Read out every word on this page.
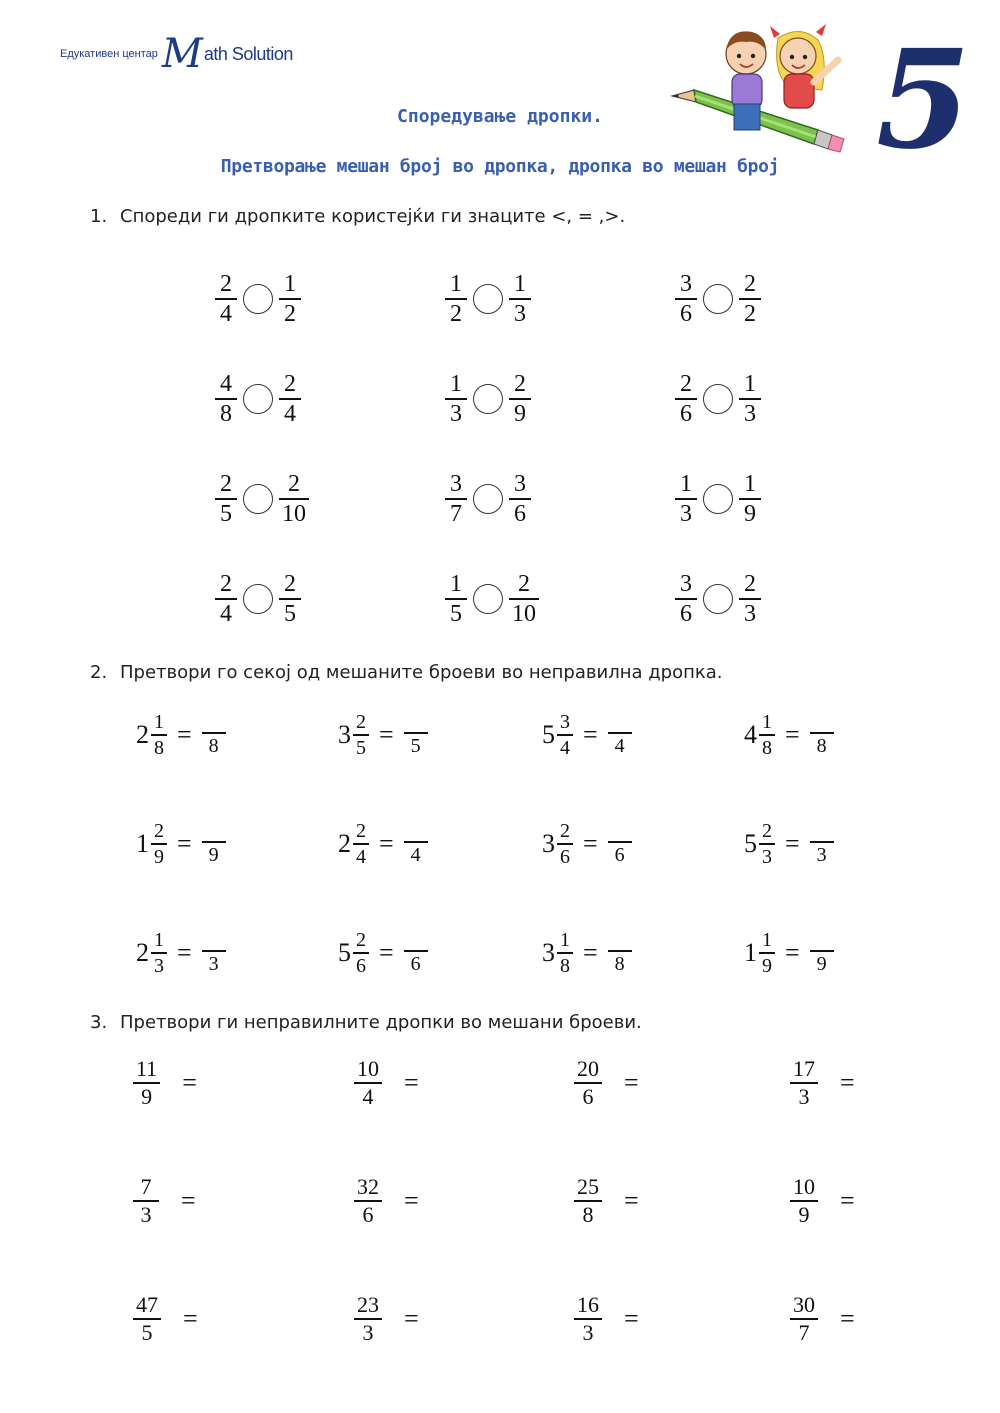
Едукативен центар M ath Solution	5
Споредување дропки.
Претворање мешан број во дропка, дропка во мешан број
1. Спореди ги дропките користејќи ги знаците <, = ,>.
$\frac{2}{4} \frac{1}{2}$	$\frac{1}{2} \frac{1}{3}$	$\frac{3}{6} \frac{2}{2}$
$\frac{4}{8} \frac{2}{4}$	$\frac{1}{3} \frac{2}{9}$	$\frac{2}{6} \frac{1}{3}$
$\frac{2}{5} \frac{2}{10}$	$\frac{3}{7} \frac{3}{6}$	$\frac{1}{3} \frac{1}{9}$
$\frac{2}{4} \frac{2}{5}$	$\frac{1}{5} \frac{2}{10}$	$\frac{3}{6} \frac{2}{3}$
2. Претвори го секој од мешаните броеви во неправилна дропка.
$2 \frac{1}{8} = 8$	$3 \frac{2}{5} = 5$	$5 \frac{3}{4} = 4$	$4 \frac{1}{8} = 8$
$1 \frac{2}{9} = 9$	$2 \frac{2}{4} = 4$	$3 \frac{2}{6} = 6$	$5 \frac{2}{3} = 3$
$2 \frac{1}{3} = 3$	$5 \frac{2}{6} = 6$	$3 \frac{1}{8} = 8$	$1 \frac{1}{9} = 9$
3. Претвори ги неправилните дропки во мешани броеви.
$\frac{11}{9}$ =	$\frac{10}{4}$ =	$\frac{20}{6}$ =	$\frac{17}{3}$ =
$\frac{7}{3}$ =	$\frac{32}{6}$ =	$\frac{25}{8}$ =	$\frac{10}{9}$ =
$\frac{47}{5}$ =	$\frac{23}{3}$ =	$\frac{16}{3}$ =	$\frac{30}{7}$ =
